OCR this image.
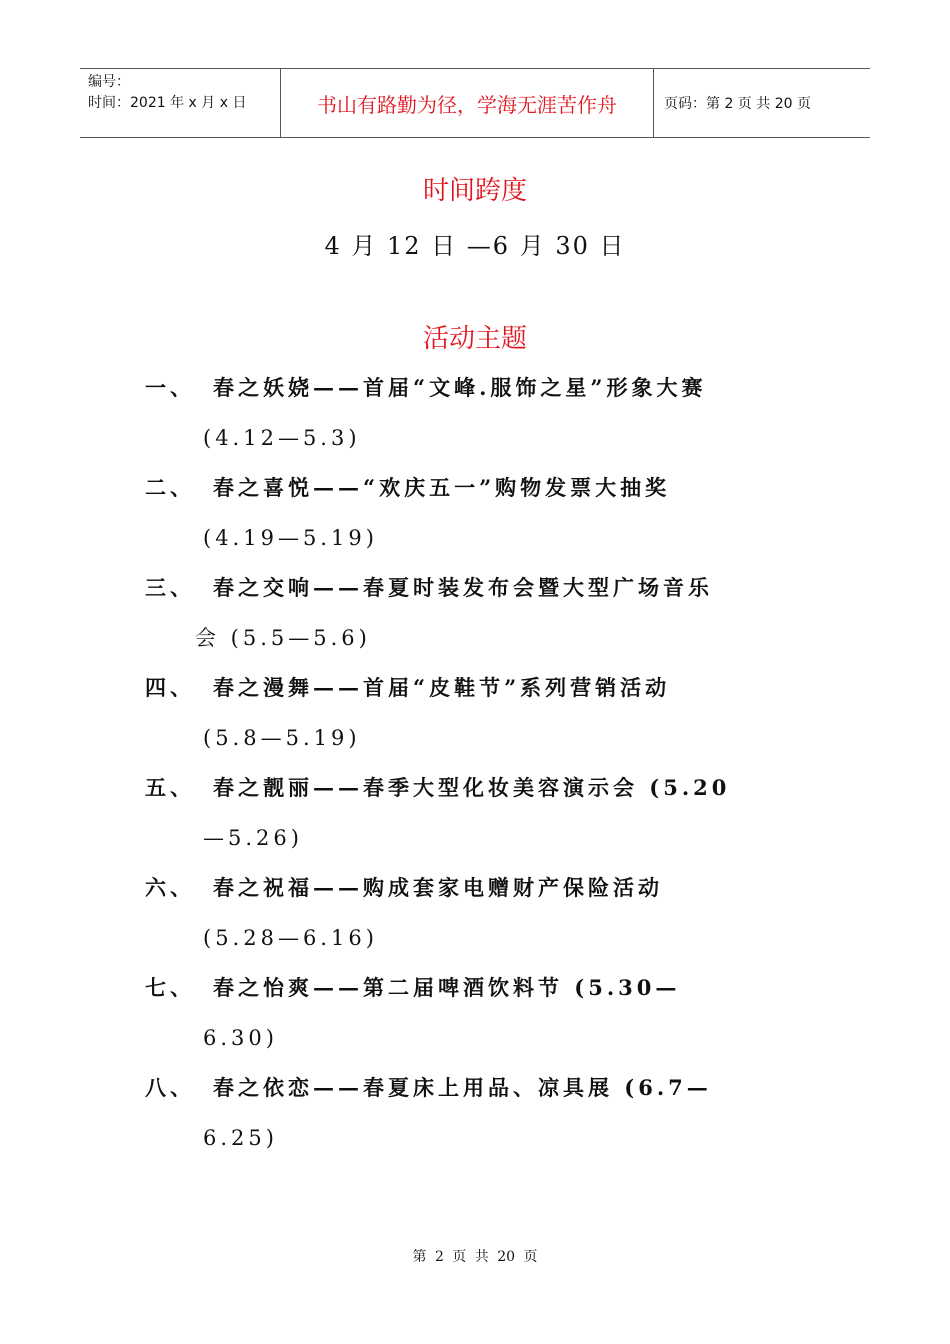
编号：
时间：2021 年 x 月 x 日	书山有路勤为径，学海无涯苦作舟	页码：第 2 页 共 20 页
时间跨度
4 月 12 日 —6 月 30 日
活动主题
一、 春之妖娆——首届“文峰.服饰之星”形象大赛
(4.12—5.3)
二、 春之喜悦——“欢庆五一”购物发票大抽奖
(4.19—5.19)
三、 春之交响——春夏时装发布会暨大型广场音乐
会 (5.5—5.6)
四、 春之漫舞——首届“皮鞋节”系列营销活动
(5.8—5.19)
五、 春之靓丽——春季大型化妆美容演示会 (5.20
—5.26)
六、 春之祝福——购成套家电赠财产保险活动
(5.28—6.16)
七、 春之怡爽——第二届啤酒饮料节 (5.30—
6.30)
八、 春之依恋——春夏床上用品、凉具展 (6.7—
6.25)
第 2 页 共 20 页
